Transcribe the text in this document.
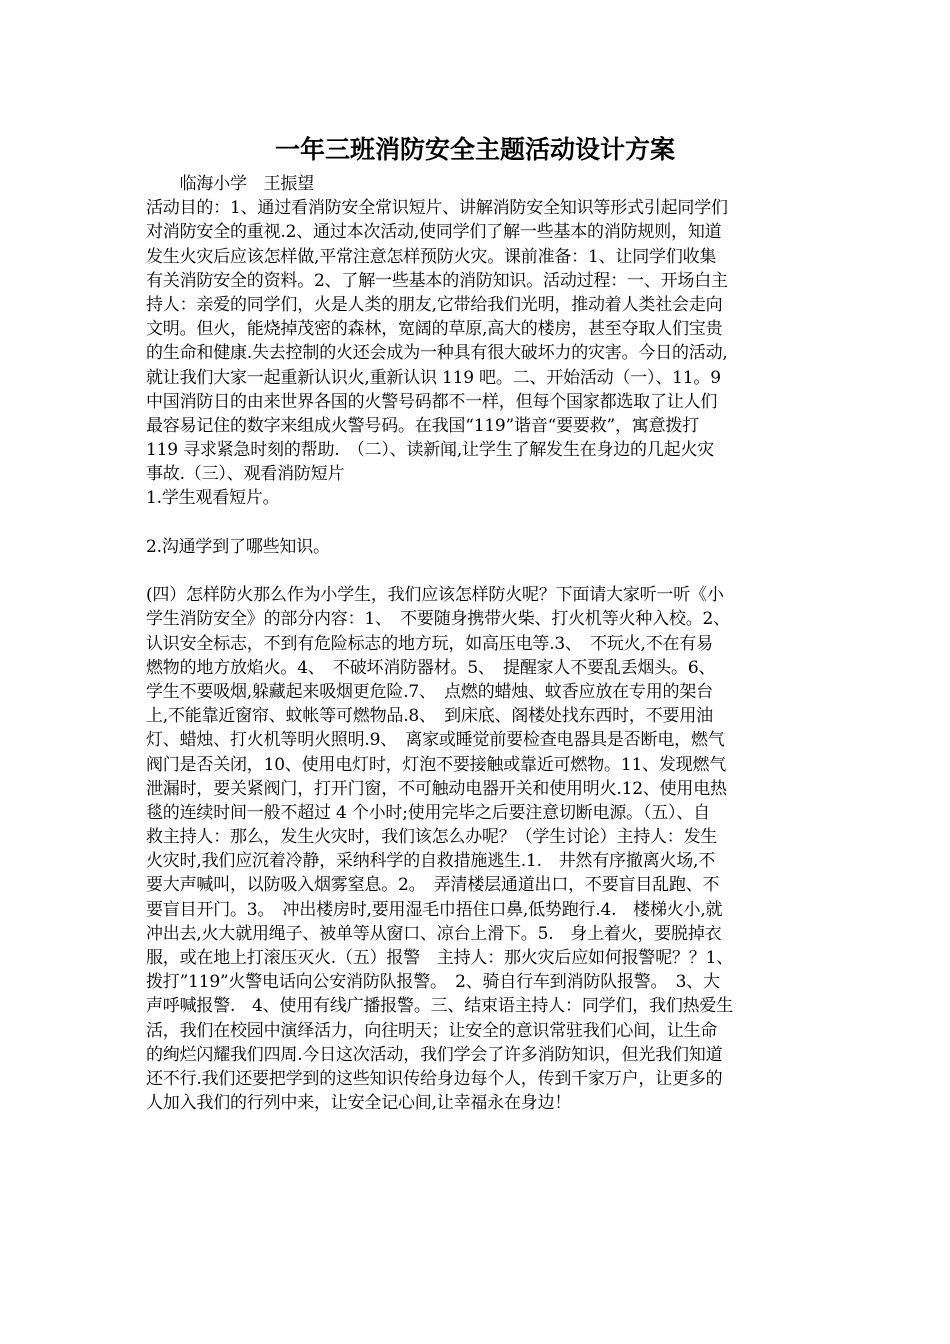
一年三班消防安全主题活动设计方案
　　临海小学　王振望
活动目的：1、通过看消防安全常识短片、讲解消防安全知识等形式引起同学们
对消防安全的重视.2、通过本次活动,使同学们了解一些基本的消防规则，知道
发生火灾后应该怎样做,平常注意怎样预防火灾。课前准备：1、让同学们收集
有关消防安全的资料。2、了解一些基本的消防知识。活动过程：一、开场白主
持人：亲爱的同学们，火是人类的朋友,它带给我们光明，推动着人类社会走向
文明。但火，能烧掉茂密的森林，宽阔的草原,高大的楼房，甚至夺取人们宝贵
的生命和健康.失去控制的火还会成为一种具有很大破坏力的灾害。今日的活动,
就让我们大家一起重新认识火,重新认识 119 吧。二、开始活动（一）、11。9
中国消防日的由来世界各国的火警号码都不一样，但每个国家都选取了让人们
最容易记住的数字来组成火警号码。在我国“119”谐音“要要救”，寓意拨打
119 寻求紧急时刻的帮助.　（二）、读新闻,让学生了解发生在身边的几起火灾
事故.（三）、观看消防短片
1.学生观看短片。
2.沟通学到了哪些知识。
(四）怎样防火那么作为小学生，我们应该怎样防火呢？下面请大家听一听《小
学生消防安全》的部分内容：1、　不要随身携带火柴、打火机等火种入校。2、
认识安全标志，不到有危险标志的地方玩，如高压电等.3、　不玩火,不在有易
燃物的地方放焰火。4、　不破坏消防器材。5、　提醒家人不要乱丢烟头。6、
学生不要吸烟,躲藏起来吸烟更危险.7、　点燃的蜡烛、蚊香应放在专用的架台
上,不能靠近窗帘、蚊帐等可燃物品.8、　到床底、阁楼处找东西时，不要用油
灯、蜡烛、打火机等明火照明.9、　离家或睡觉前要检查电器具是否断电，燃气
阀门是否关闭，10、使用电灯时，灯泡不要接触或靠近可燃物。11、发现燃气
泄漏时，要关紧阀门，打开门窗，不可触动电器开关和使用明火.12、使用电热
毯的连续时间一般不超过 4 个小时;使用完毕之后要注意切断电源。（五）、自
救主持人：那么，发生火灾时，我们该怎么办呢？（学生讨论）主持人：发生
火灾时,我们应沉着冷静，采纳科学的自救措施逃生.1.　井然有序撤离火场,不
要大声喊叫，以防吸入烟雾窒息。2。　弄清楼层通道出口，不要盲目乱跑、不
要盲目开门。3。　冲出楼房时,要用湿毛巾捂住口鼻,低势跑行.4.　楼梯火小,就
冲出去,火大就用绳子、被单等从窗口、凉台上滑下。5.　身上着火，要脱掉衣
服，或在地上打滚压灭火.（五）报警　主持人：那火灾后应如何报警呢？？1、
拨打”119”火警电话向公安消防队报警。　2、骑自行车到消防队报警。　3、大
声呼喊报警.　4、使用有线广播报警。三、结束语主持人：同学们，我们热爱生
活，我们在校园中演绎活力，向往明天；让安全的意识常驻我们心间，让生命
的绚烂闪耀我们四周.今日这次活动，我们学会了许多消防知识，但光我们知道
还不行.我们还要把学到的这些知识传给身边每个人，传到千家万户，让更多的
人加入我们的行列中来，让安全记心间,让幸福永在身边！
